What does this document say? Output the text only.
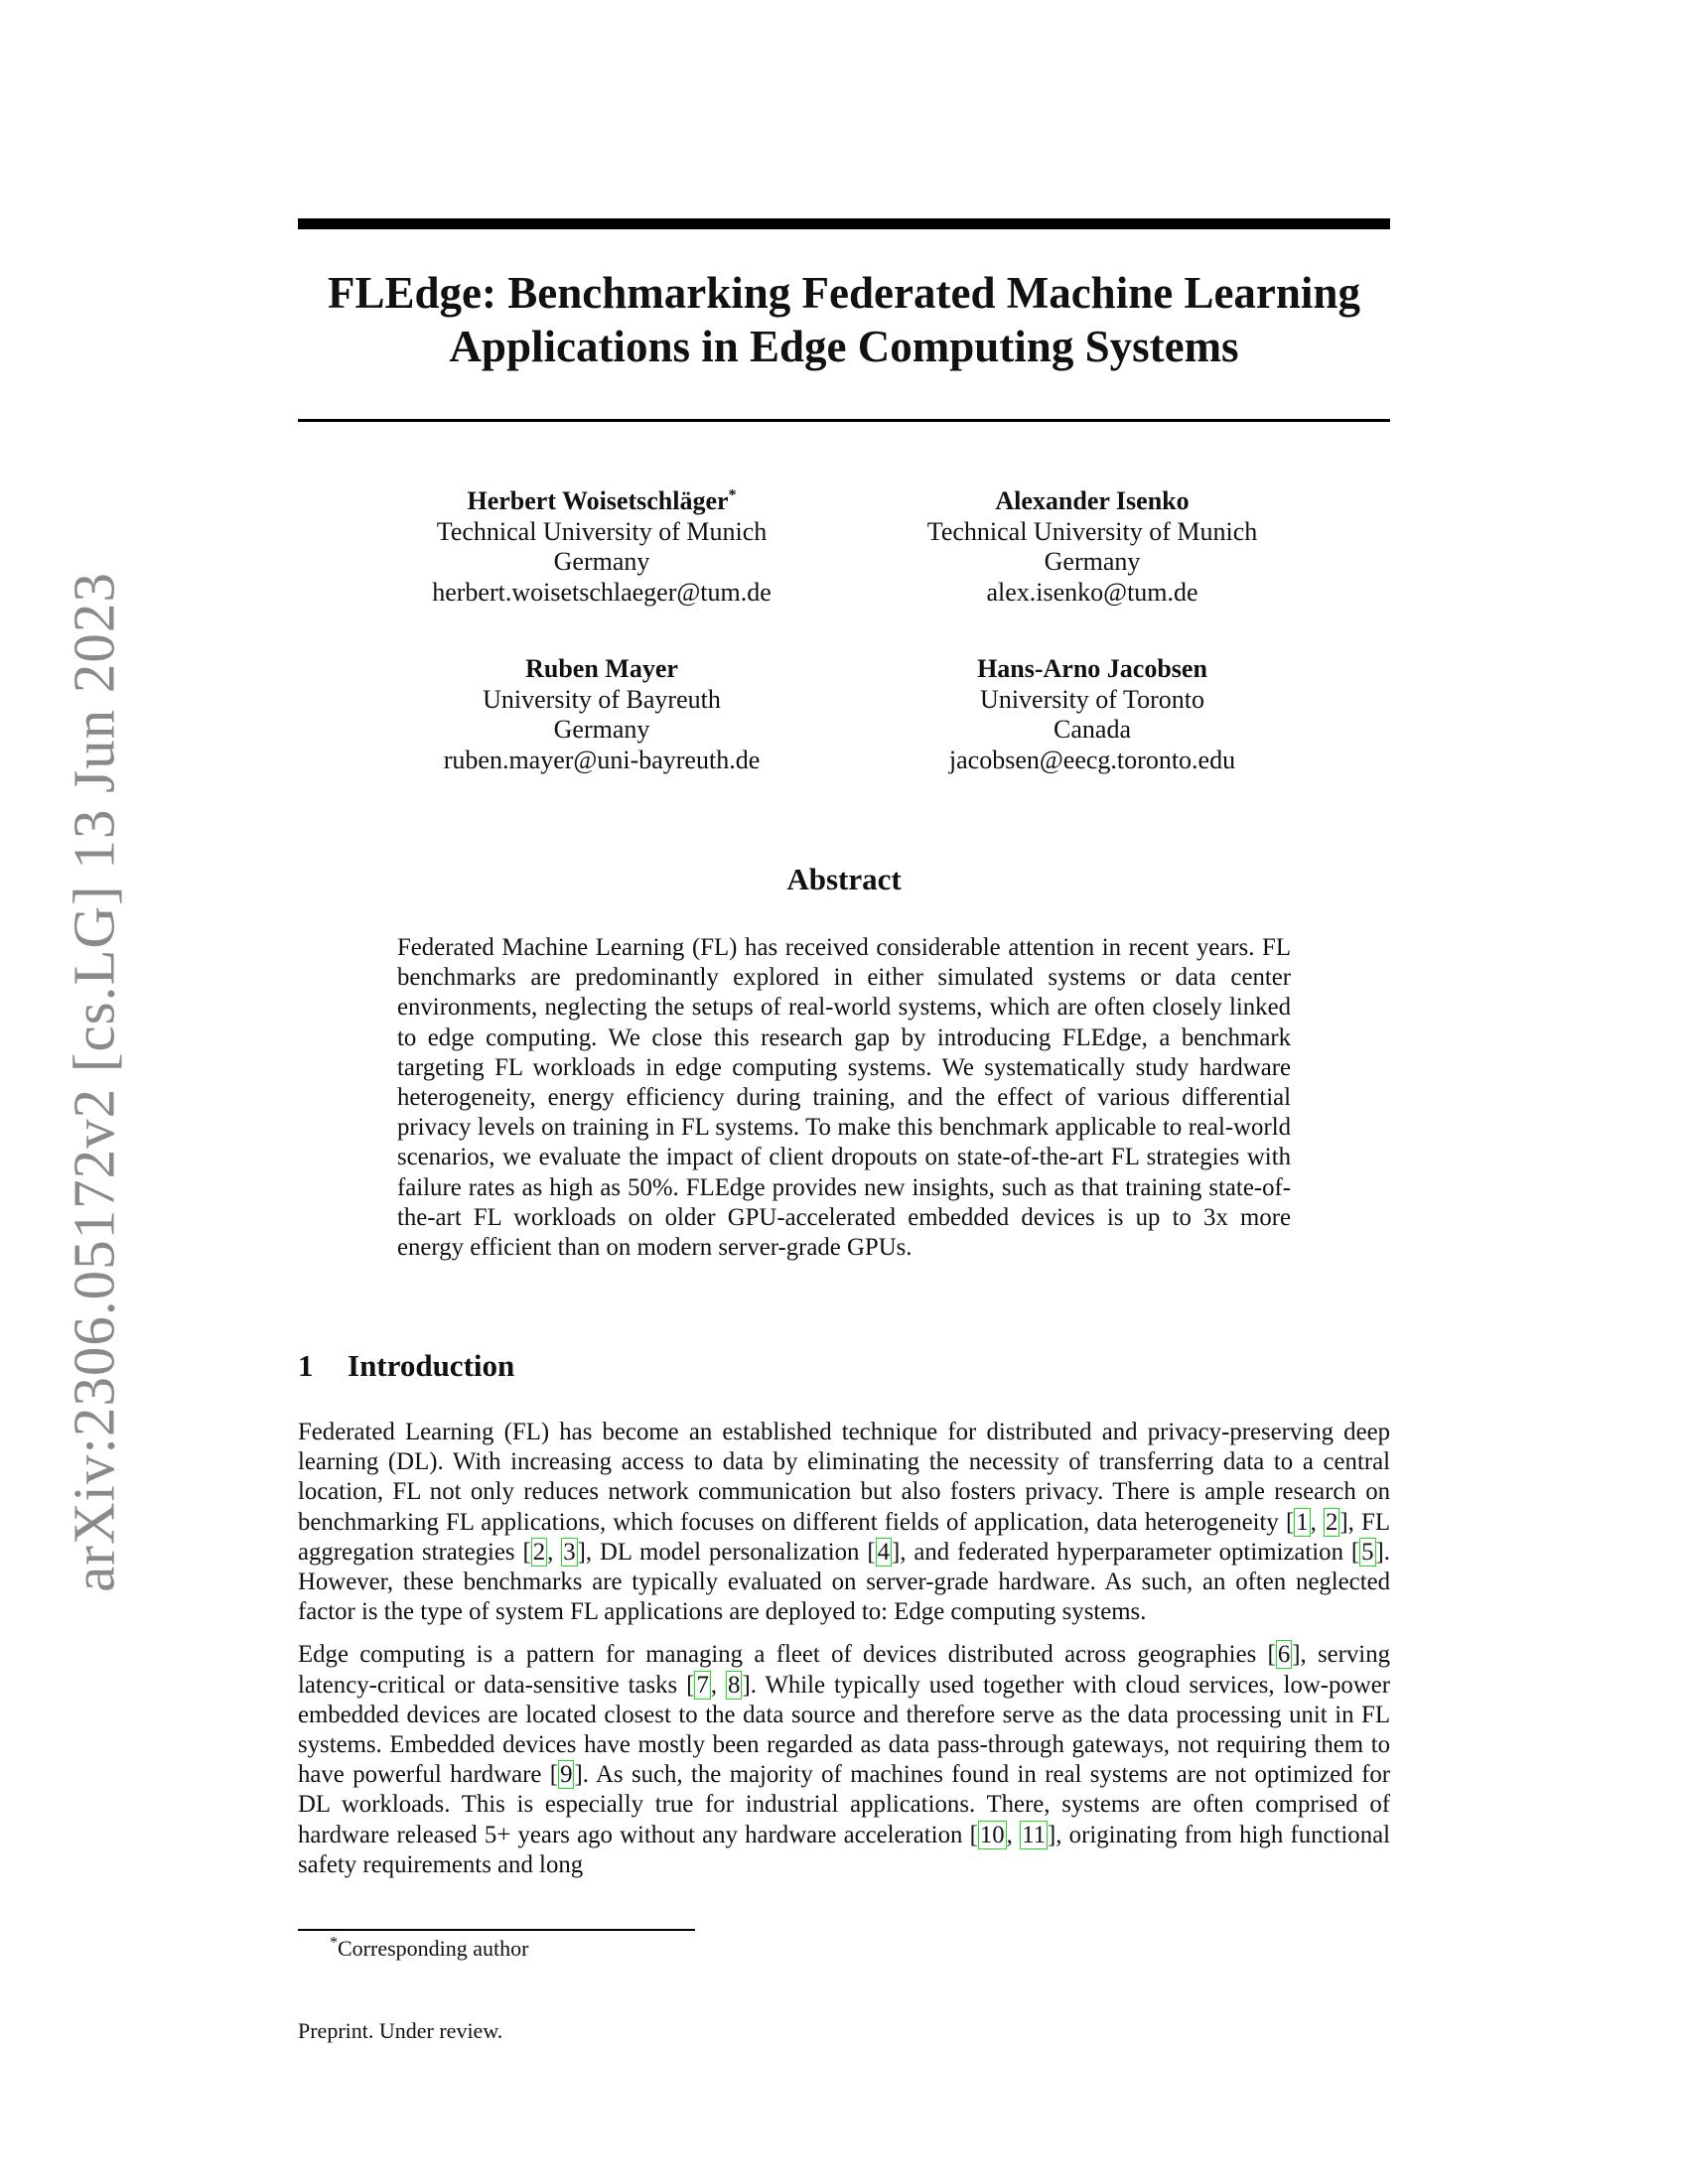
arXiv:2306.05172v2 [cs.LG] 13 Jun 2023
FLEdge: Benchmarking Federated Machine Learning
Applications in Edge Computing Systems
Herbert Woisetschläger*
Technical University of Munich
Germany
herbert.woisetschlaeger@tum.de
Alexander Isenko
Technical University of Munich
Germany
alex.isenko@tum.de
Ruben Mayer
University of Bayreuth
Germany
ruben.mayer@uni-bayreuth.de
Hans-Arno Jacobsen
University of Toronto
Canada
jacobsen@eecg.toronto.edu
Abstract

Federated Machine Learning (FL) has received considerable attention in recent years. FL benchmarks are predominantly explored in either simulated systems or data center environments, neglecting the setups of real-world systems, which are often closely linked to edge computing. We close this research gap by introducing FLEdge, a benchmark targeting FL workloads in edge computing systems. We systematically study hardware heterogeneity, energy efficiency during training, and the effect of various differential privacy levels on training in FL systems. To make this benchmark applicable to real-world scenarios, we evaluate the impact of client dropouts on state-of-the-art FL strategies with failure rates as high as 50%. FLEdge provides new insights, such as that training state-of-the-art FL workloads on older GPU-accelerated embedded devices is up to 3x more energy efficient than on modern server-grade GPUs.

1 Introduction

Federated Learning (FL) has become an established technique for distributed and privacy-preserving deep learning (DL). With increasing access to data by eliminating the necessity of transferring data to a central location, FL not only reduces network communication but also fosters privacy. There is ample research on benchmarking FL applications, which focuses on different fields of application, data heterogeneity [1, 2], FL aggregation strategies [2, 3], DL model personalization [4], and federated hyperparameter optimization [5]. However, these benchmarks are typically evaluated on server-grade hardware. As such, an often neglected factor is the type of system FL applications are deployed to: Edge computing systems.

Edge computing is a pattern for managing a fleet of devices distributed across geographies [6], serving latency-critical or data-sensitive tasks [7, 8]. While typically used together with cloud services, low-power embedded devices are located closest to the data source and therefore serve as the data processing unit in FL systems. Embedded devices have mostly been regarded as data pass-through gateways, not requiring them to have powerful hardware [9]. As such, the majority of machines found in real systems are not optimized for DL workloads. This is especially true for industrial applications. There, systems are often comprised of hardware released 5+ years ago without any hardware acceleration [10, 11], originating from high functional safety requirements and long

*Corresponding author
Preprint. Under review.
